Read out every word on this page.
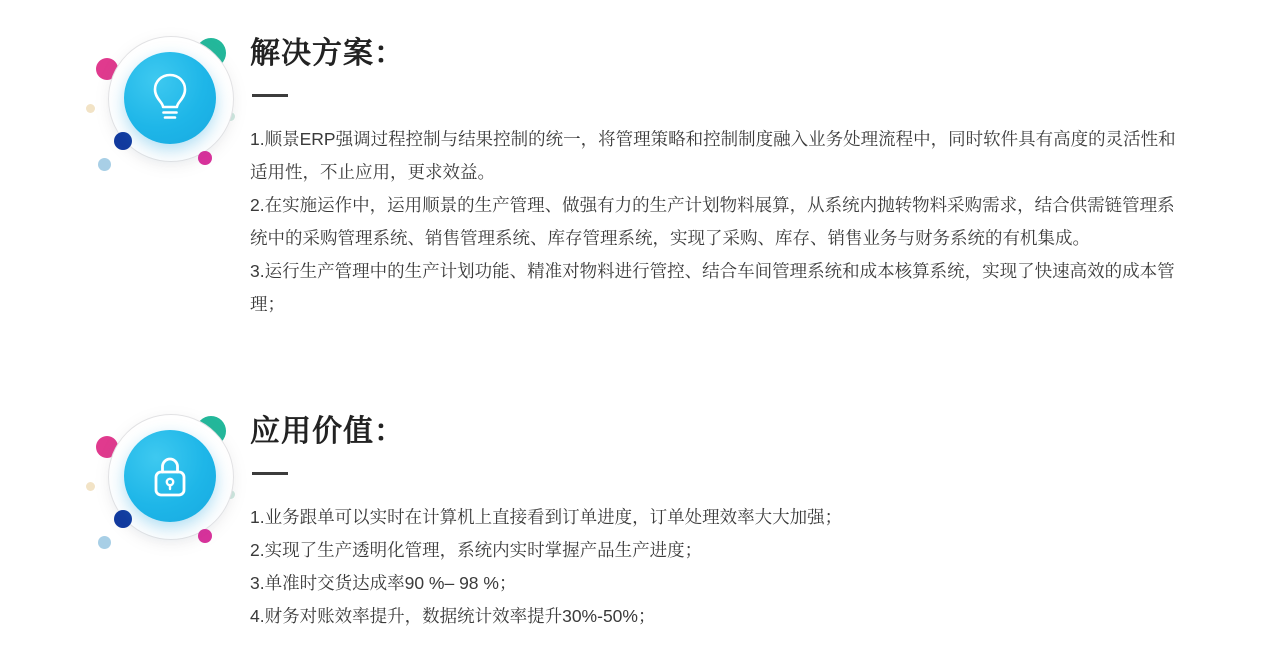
解决方案：

1.顺景ERP强调过程控制与结果控制的统一，将管理策略和控制制度融入业务处理流程中，同时软件具有高度的灵活性和适用性，不止应用，更求效益。

2.在实施运作中，运用顺景的生产管理、做强有力的生产计划物料展算，从系统内抛转物料采购需求，结合供需链管理系统中的采购管理系统、销售管理系统、库存管理系统，实现了采购、库存、销售业务与财务系统的有机集成。

3.运行生产管理中的生产计划功能、精准对物料进行管控、结合车间管理系统和成本核算系统，实现了快速高效的成本管理；

应用价值：

1.业务跟单可以实时在计算机上直接看到订单进度，订单处理效率大大加强；

2.实现了生产透明化管理，系统内实时掌握产品生产进度；

3.单准时交货达成率90 %– 98 %；

4.财务对账效率提升，数据统计效率提升30%-50%；
